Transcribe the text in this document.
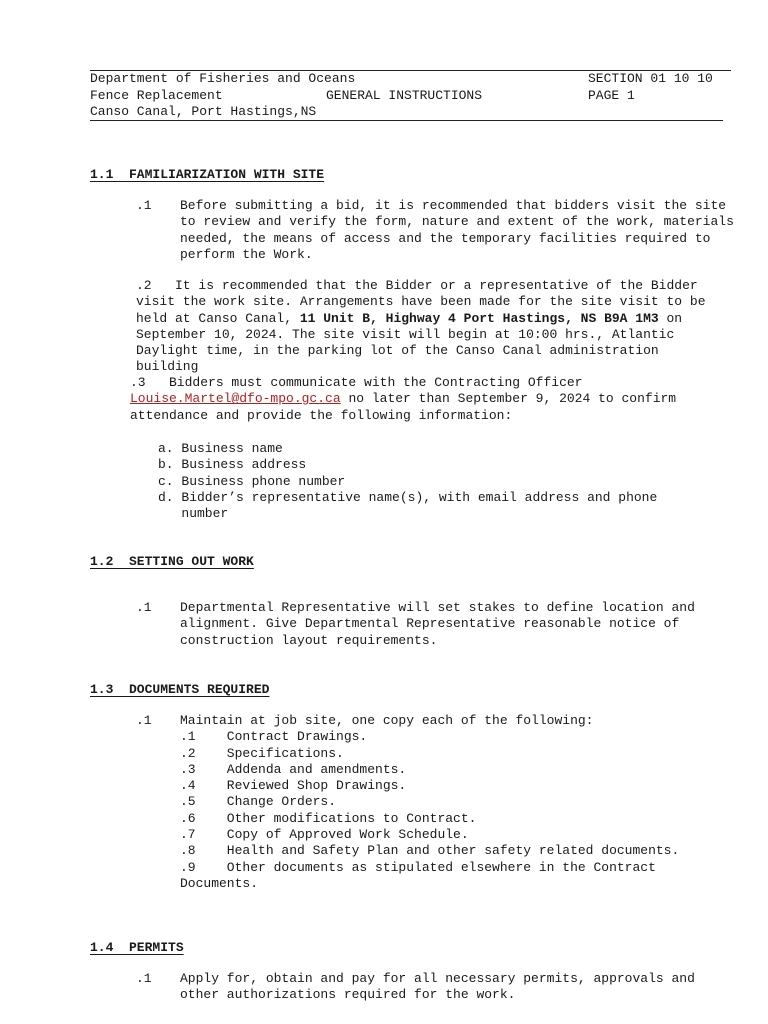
Department of Fisheries and Oceans	SECTION 01 10 10
Fence Replacement	GENERAL INSTRUCTIONS	PAGE 1
Canso Canal, Port Hastings,NS
1.1  FAMILIARIZATION WITH SITE
.1 Before submitting a bid, it is recommended that bidders visit the site

to review and verify the form, nature and extent of the work, materials

needed, the means of access and the temporary facilities required to

perform the Work.

.2   It is recommended that the Bidder or a representative of the Bidder

visit the work site. Arrangements have been made for the site visit to be

held at Canso Canal, 11 Unit B, Highway 4 Port Hastings, NS B9A 1M3 on

September 10, 2024. The site visit will begin at 10:00 hrs., Atlantic

Daylight time, in the parking lot of the Canso Canal administration

building

.3   Bidders must communicate with the Contracting Officer

Louise.Martel@dfo-mpo.gc.ca no later than September 9, 2024 to confirm

attendance and provide the following information:

a. Business name

b. Business address

c. Business phone number

d. Bidder’s representative name(s), with email address and phone

number

1.2  SETTING OUT WORK
.1 Departmental Representative will set stakes to define location and

alignment. Give Departmental Representative reasonable notice of

construction layout requirements.

1.3  DOCUMENTS REQUIRED
.1 Maintain at job site, one copy each of the following:

.1    Contract Drawings.

.2    Specifications.

.3    Addenda and amendments.

.4    Reviewed Shop Drawings.

.5    Change Orders.

.6    Other modifications to Contract.

.7    Copy of Approved Work Schedule.

.8    Health and Safety Plan and other safety related documents.

.9    Other documents as stipulated elsewhere in the Contract

Documents.

1.4  PERMITS
.1 Apply for, obtain and pay for all necessary permits, approvals and

other authorizations required for the work.
